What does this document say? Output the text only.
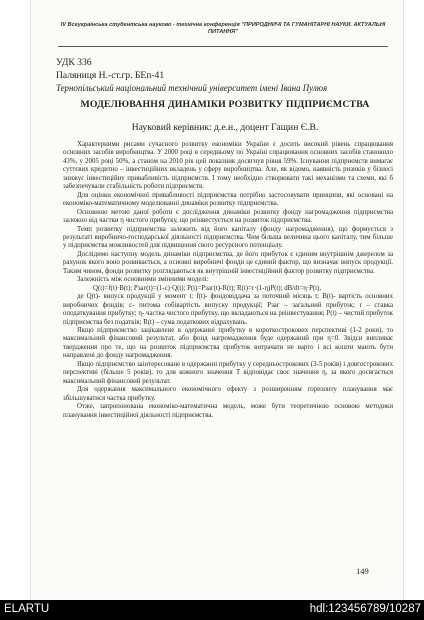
IV Всеукраїнська студентська науково - технічна конференція "ПРИРОДНИЧІ ТА ГУМАНІТАРНІ НАУКИ. АКТУАЛЬНІ ПИТАННЯ"
УДК 336
Паляниця Н.-ст.гр. БЕп-41
Тернопільський національний технічний університет імені Івана Пулюя
МОДЕЛЮВАННЯ ДИНАМІКИ РОЗВИТКУ ПІДПРИЄМСТВА
Науковий керівник: д.е.н., доцент Гащин Є.В.

Характерними рисами сучасного розвитку економіки України є досить високий рівень спрацювання основних засобів виробництва. У 2000 році в середньому по Україні спрацювання основних засобів становило 43%, у 2005 році 50%, а станом на 2010 рік цей показник досягнув рівня 59%. Існування підприємств вимагає суттєвих кредитно – інвестиційних вкладень у сферу виробництва. Але, як відомо, наявність ризиків у бізнесі знижує інвестиційну привабливість підприємств. І тому необхідно створювати такі механізми та схеми, які б забезпечували стабільність роботи підприємств.

Для оцінки економічної привабливості підприємства потрібно застосовувати принципи, які основані на економіко-математичному моделюванні динаміки розвитку підприємства.

Основною метою даної роботи є дослідження динаміки розвитку фонду нагромадження підприємства залежно від частки η чистого прибутку, що реінвестується на розвиток підприємства.

Темп розвитку підприємства залежить від його капіталу (фонду нагромадження), що формується з результаті виробничо-господарської діяльності підприємства. Чим більша величина цього капіталу, тим більше у підприємства можливостей для підвищення свого ресурсного потенціалу.

Дослідимо наступну модель динаміки підприємства, де його прибуток є єдиним внутрішнім джерелом за рахунок якого воно розвивається, а основні виробничі фонди це єдиний фактор, що визначає випуск продукції. Таким чином, фонди розвитку розглядаються як внутрішній інвестиційний фактор розвитку підприємства.

Залежність між основними змінними моделі:

Q(t)=f(t)·B(t); Pзаг(t)=(1-c)·Q(t); P(t)=Pзаг(t)-R(t); R(t)=r·(1-η)P(t); dB/dt=η·P(t),

де Q(t)- випуск продукції у момент t; f(t)- фондовіддача за поточний місяць t; B(t)- вартість основних виробничих фондів; c- питома собівартість випуску продукції; Pзаг – загальний прибуток; r – ставка оподаткування прибутку; η- частка чистого прибутку, що вкладаються на реінвестування; P(t) – чистий прибуток підприємства без податків; R(t) – сума податкових відрахувань.

Якщо підприємство зацікавлене в одержанні прибутку в короткострокових перспективі (1-2 роки), то максимальний фінансовий результат, або фонд нагромадження буде одержаний при η=0. Звідси випливає твердження про те, що на розвиток підприємства прибуток витрачати не варто і всі кошти мають бути направлені до фонду нагромадження.

Якщо підприємство заінтересоване в одержанні прибутку у середньострокових (3-5 років) і довгострокових перспективі (більше 5 років), то для кожного значення T відповідає своє значення η, за якого досягається максимальний фінансовий результат.

Для одержання максимального економічного ефекту з розширенням горизонту планування має збільшуватися частка прибутку.

Отже, запропонована економіко-математична модель, може бути теоретичною основою методики планування інвестиційної діяльності підприємства.

149
ELARTU	hdl:123456789/10287
